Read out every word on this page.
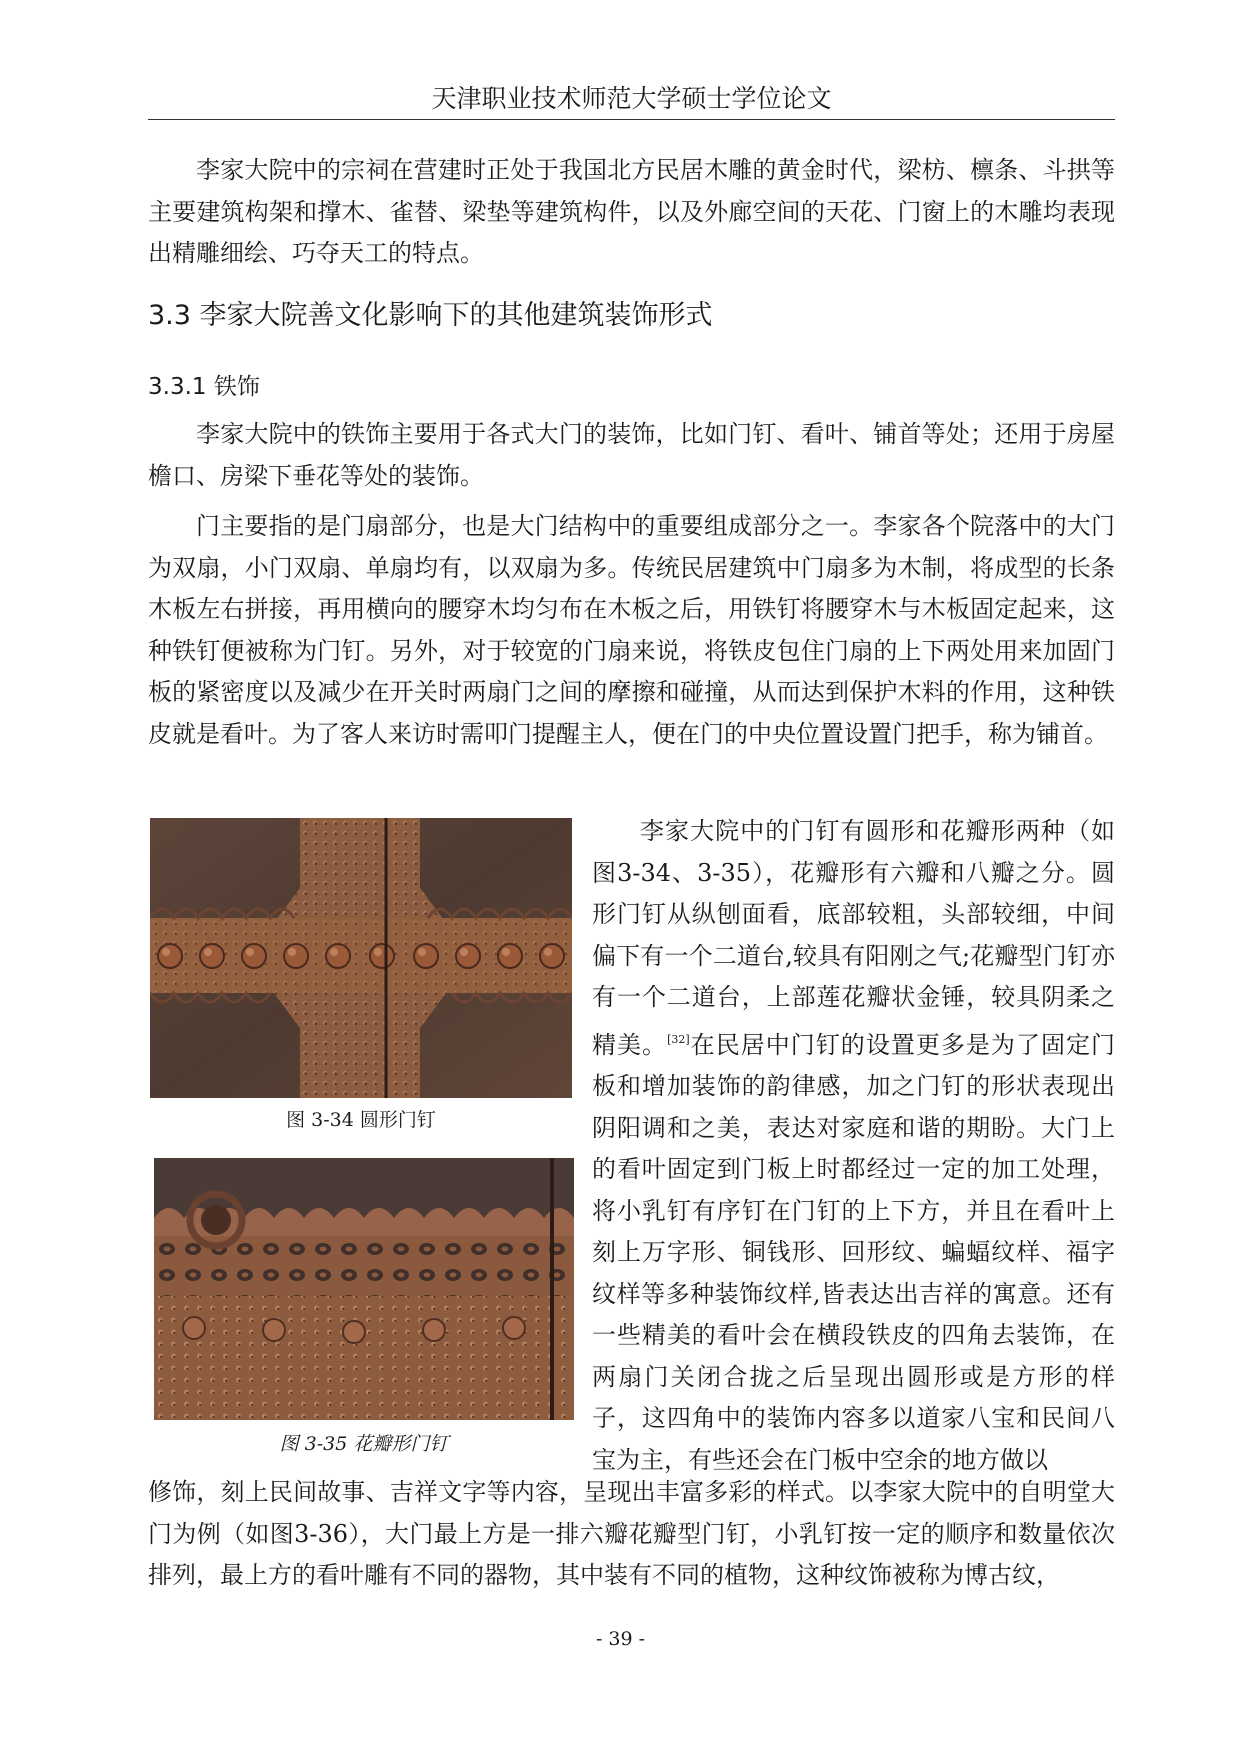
天津职业技术师范大学硕士学位论文

李家大院中的宗祠在营建时正处于我国北方民居木雕的黄金时代，梁枋、檩条、斗拱等主要建筑构架和撑木、雀替、梁垫等建筑构件，以及外廊空间的天花、门窗上的木雕均表现出精雕细绘、巧夺天工的特点。

3.3 李家大院善文化影响下的其他建筑装饰形式
3.3.1 铁饰

李家大院中的铁饰主要用于各式大门的装饰，比如门钉、看叶、铺首等处；还用于房屋檐口、房梁下垂花等处的装饰。

门主要指的是门扇部分，也是大门结构中的重要组成部分之一。李家各个院落中的大门为双扇，小门双扇、单扇均有，以双扇为多。传统民居建筑中门扇多为木制，将成型的长条木板左右拼接，再用横向的腰穿木均匀布在木板之后，用铁钉将腰穿木与木板固定起来，这种铁钉便被称为门钉。另外，对于较宽的门扇来说，将铁皮包住门扇的上下两处用来加固门板的紧密度以及减少在开关时两扇门之间的摩擦和碰撞，从而达到保护木料的作用，这种铁皮就是看叶。为了客人来访时需叩门提醒主人，便在门的中央位置设置门把手，称为铺首。

图 3-34 圆形门钉
图 3-35 花瓣形门钉

李家大院中的门钉有圆形和花瓣形两种（如图3-34、3-35），花瓣形有六瓣和八瓣之分。圆形门钉从纵刨面看，底部较粗，头部较细，中间偏下有一个二道台,较具有阳刚之气;花瓣型门钉亦有一个二道台，上部莲花瓣状金锤，较具阴柔之精美。[32]在民居中门钉的设置更多是为了固定门板和增加装饰的韵律感，加之门钉的形状表现出阴阳调和之美，表达对家庭和谐的期盼。大门上的看叶固定到门板上时都经过一定的加工处理，将小乳钉有序钉在门钉的上下方，并且在看叶上刻上万字形、铜钱形、回形纹、蝙蝠纹样、福字纹样等多种装饰纹样,皆表达出吉祥的寓意。还有一些精美的看叶会在横段铁皮的四角去装饰，在两扇门关闭合拢之后呈现出圆形或是方形的样子，这四角中的装饰内容多以道家八宝和民间八宝为主，有些还会在门板中空余的地方做以

修饰，刻上民间故事、吉祥文字等内容，呈现出丰富多彩的样式。以李家大院中的自明堂大门为例（如图3-36），大门最上方是一排六瓣花瓣型门钉，小乳钉按一定的顺序和数量依次排列，最上方的看叶雕有不同的器物，其中装有不同的植物，这种纹饰被称为博古纹，

- 39 -
